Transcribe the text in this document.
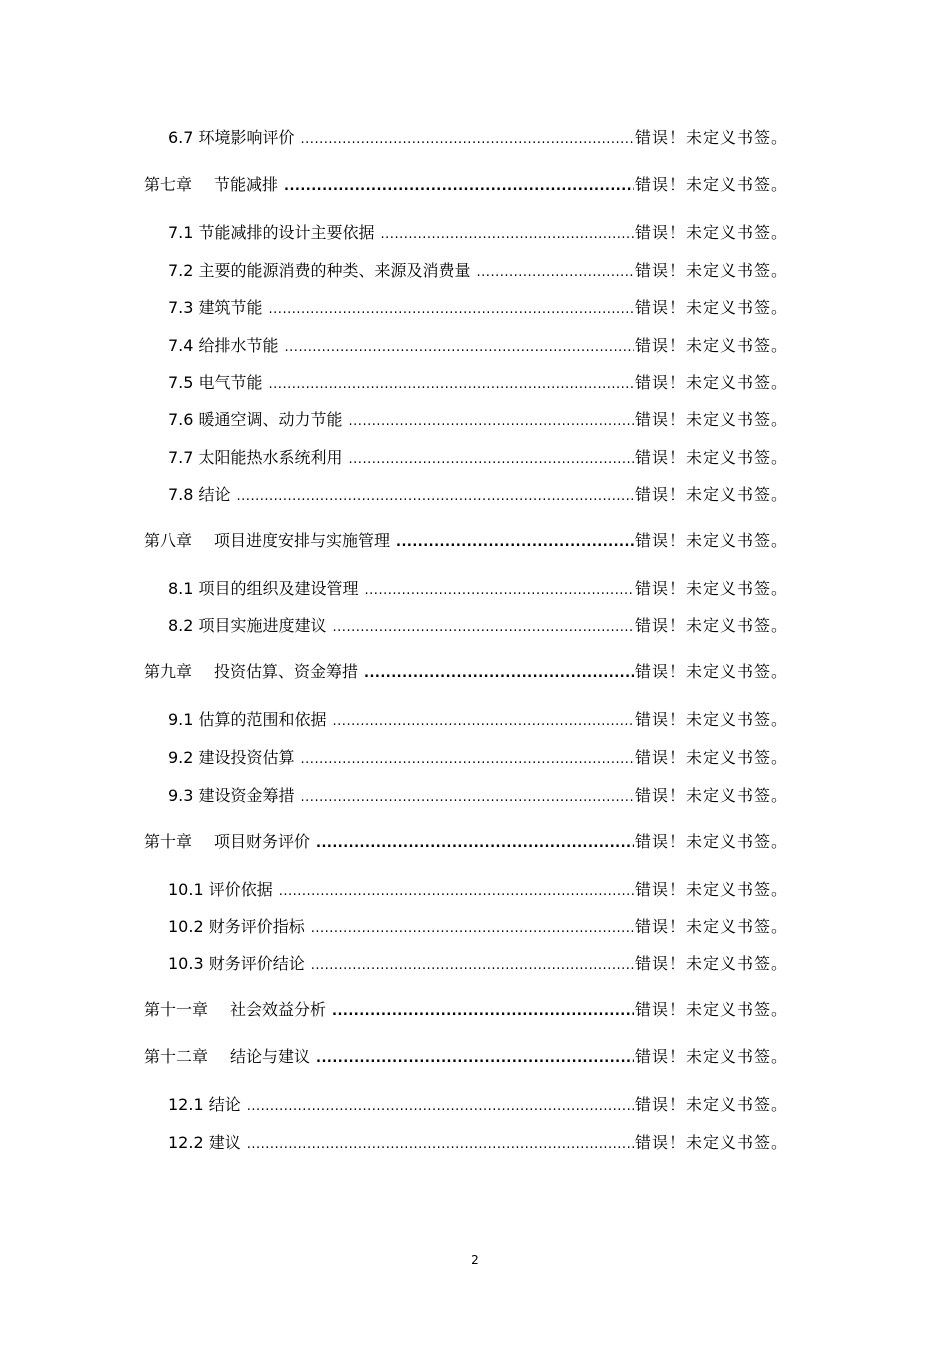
6.7 环境影响评价 .....	错误！未定义书签。
第七章 节能减排 .....	错误！未定义书签。
7.1 节能减排的设计主要依据 .....	错误！未定义书签。
7.2 主要的能源消费的种类、来源及消费量 .....	错误！未定义书签。
7.3 建筑节能 .....	错误！未定义书签。
7.4 给排水节能 .....	错误！未定义书签。
7.5 电气节能 .....	错误！未定义书签。
7.6 暖通空调、动力节能 .....	错误！未定义书签。
7.7 太阳能热水系统利用 .....	错误！未定义书签。
7.8 结论 .....	错误！未定义书签。
第八章 项目进度安排与实施管理 .....	错误！未定义书签。
8.1 项目的组织及建设管理 .....	错误！未定义书签。
8.2 项目实施进度建议 .....	错误！未定义书签。
第九章 投资估算、资金筹措 .....	错误！未定义书签。
9.1 估算的范围和依据 .....	错误！未定义书签。
9.2 建设投资估算 .....	错误！未定义书签。
9.3 建设资金筹措 .....	错误！未定义书签。
第十章 项目财务评价 .....	错误！未定义书签。
10.1 评价依据 .....	错误！未定义书签。
10.2 财务评价指标 .....	错误！未定义书签。
10.3 财务评价结论 .....	错误！未定义书签。
第十一章 社会效益分析 .....	错误！未定义书签。
第十二章 结论与建议 .....	错误！未定义书签。
12.1 结论 .....	错误！未定义书签。
12.2 建议 .....	错误！未定义书签。
2
